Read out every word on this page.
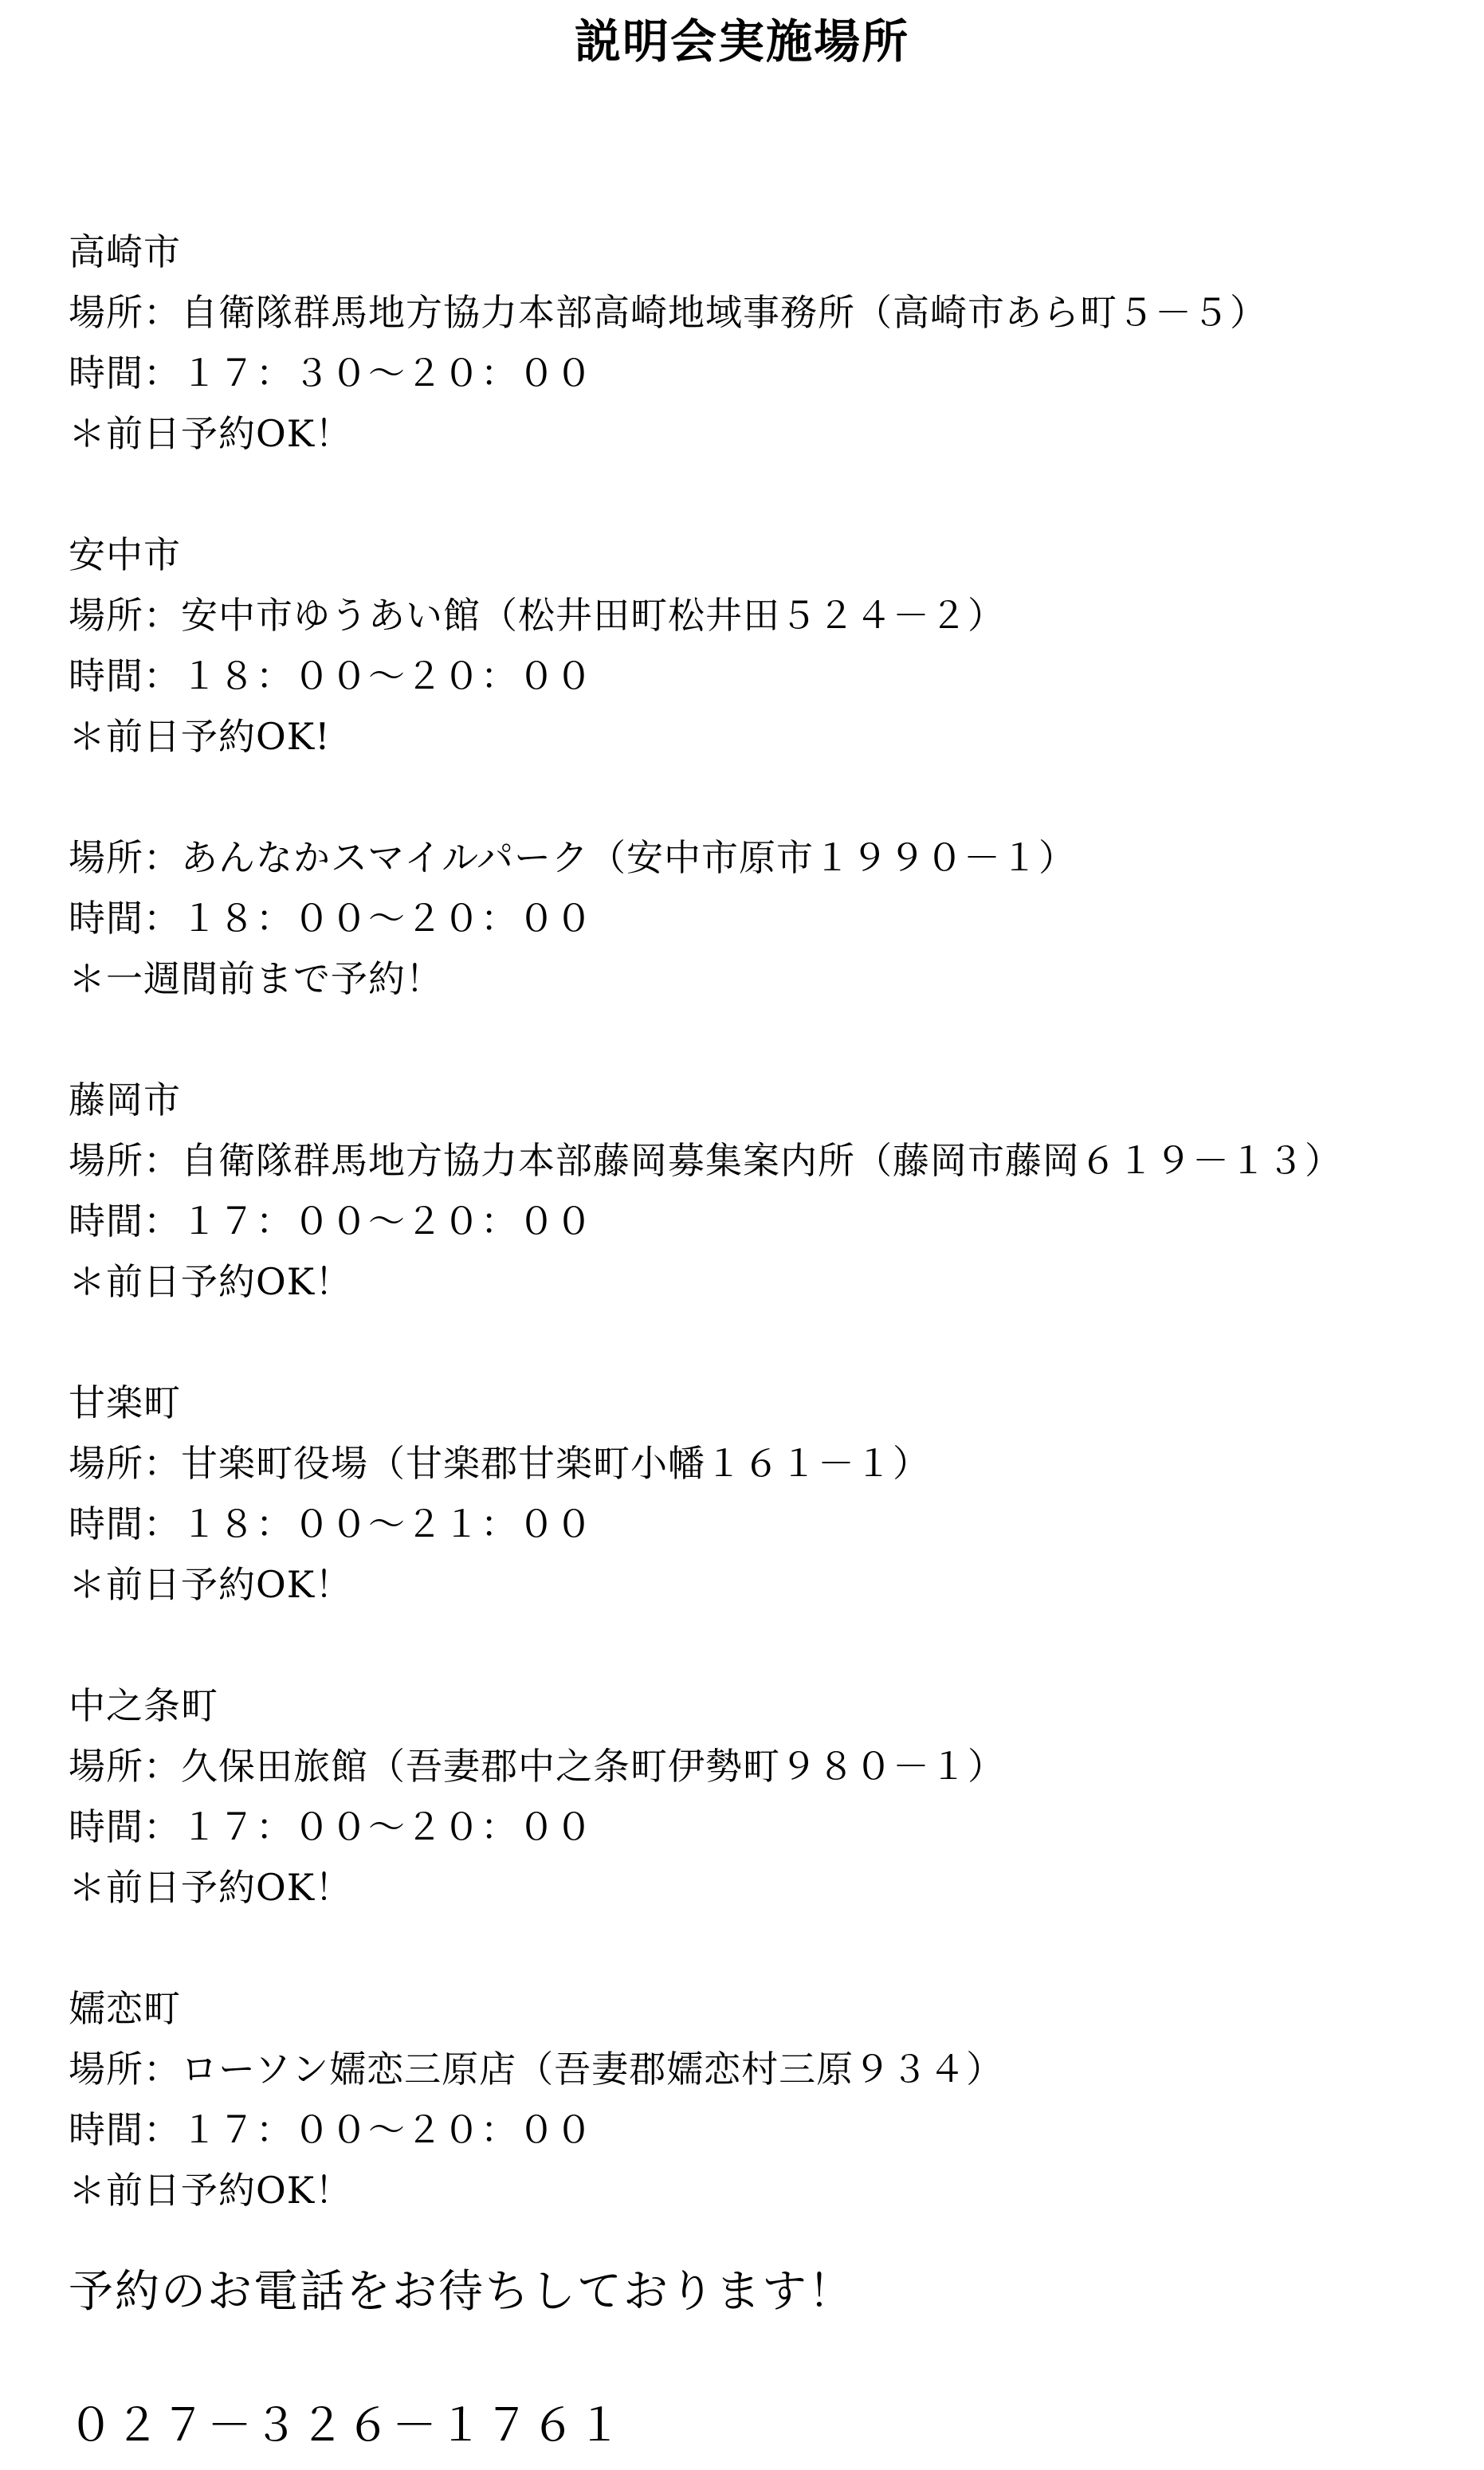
説明会実施場所
高崎市
場所：自衛隊群馬地方協力本部高崎地域事務所（高崎市あら町５－５）
時間：１７：３０～２０：００
＊前日予約OK！
安中市
場所：安中市ゆうあい館（松井田町松井田５２４－２）
時間：１８：００～２０：００
＊前日予約OK!
場所：あんなかスマイルパーク（安中市原市１９９０－１）
時間：１８：００～２０：００
＊一週間前まで予約！
藤岡市
場所：自衛隊群馬地方協力本部藤岡募集案内所（藤岡市藤岡６１９－１３）
時間：１７：００～２０：００
＊前日予約OK！
甘楽町
場所：甘楽町役場（甘楽郡甘楽町小幡１６１－１）
時間：１８：００～２１：００
＊前日予約OK！
中之条町
場所：久保田旅館（吾妻郡中之条町伊勢町９８０－１）
時間：１７：００～２０：００
＊前日予約OK！
嬬恋町
場所：ローソン嬬恋三原店（吾妻郡嬬恋村三原９３４）
時間：１７：００～２０：００
＊前日予約OK！
予約のお電話をお待ちしております！
０２７－３２６－１７６１
